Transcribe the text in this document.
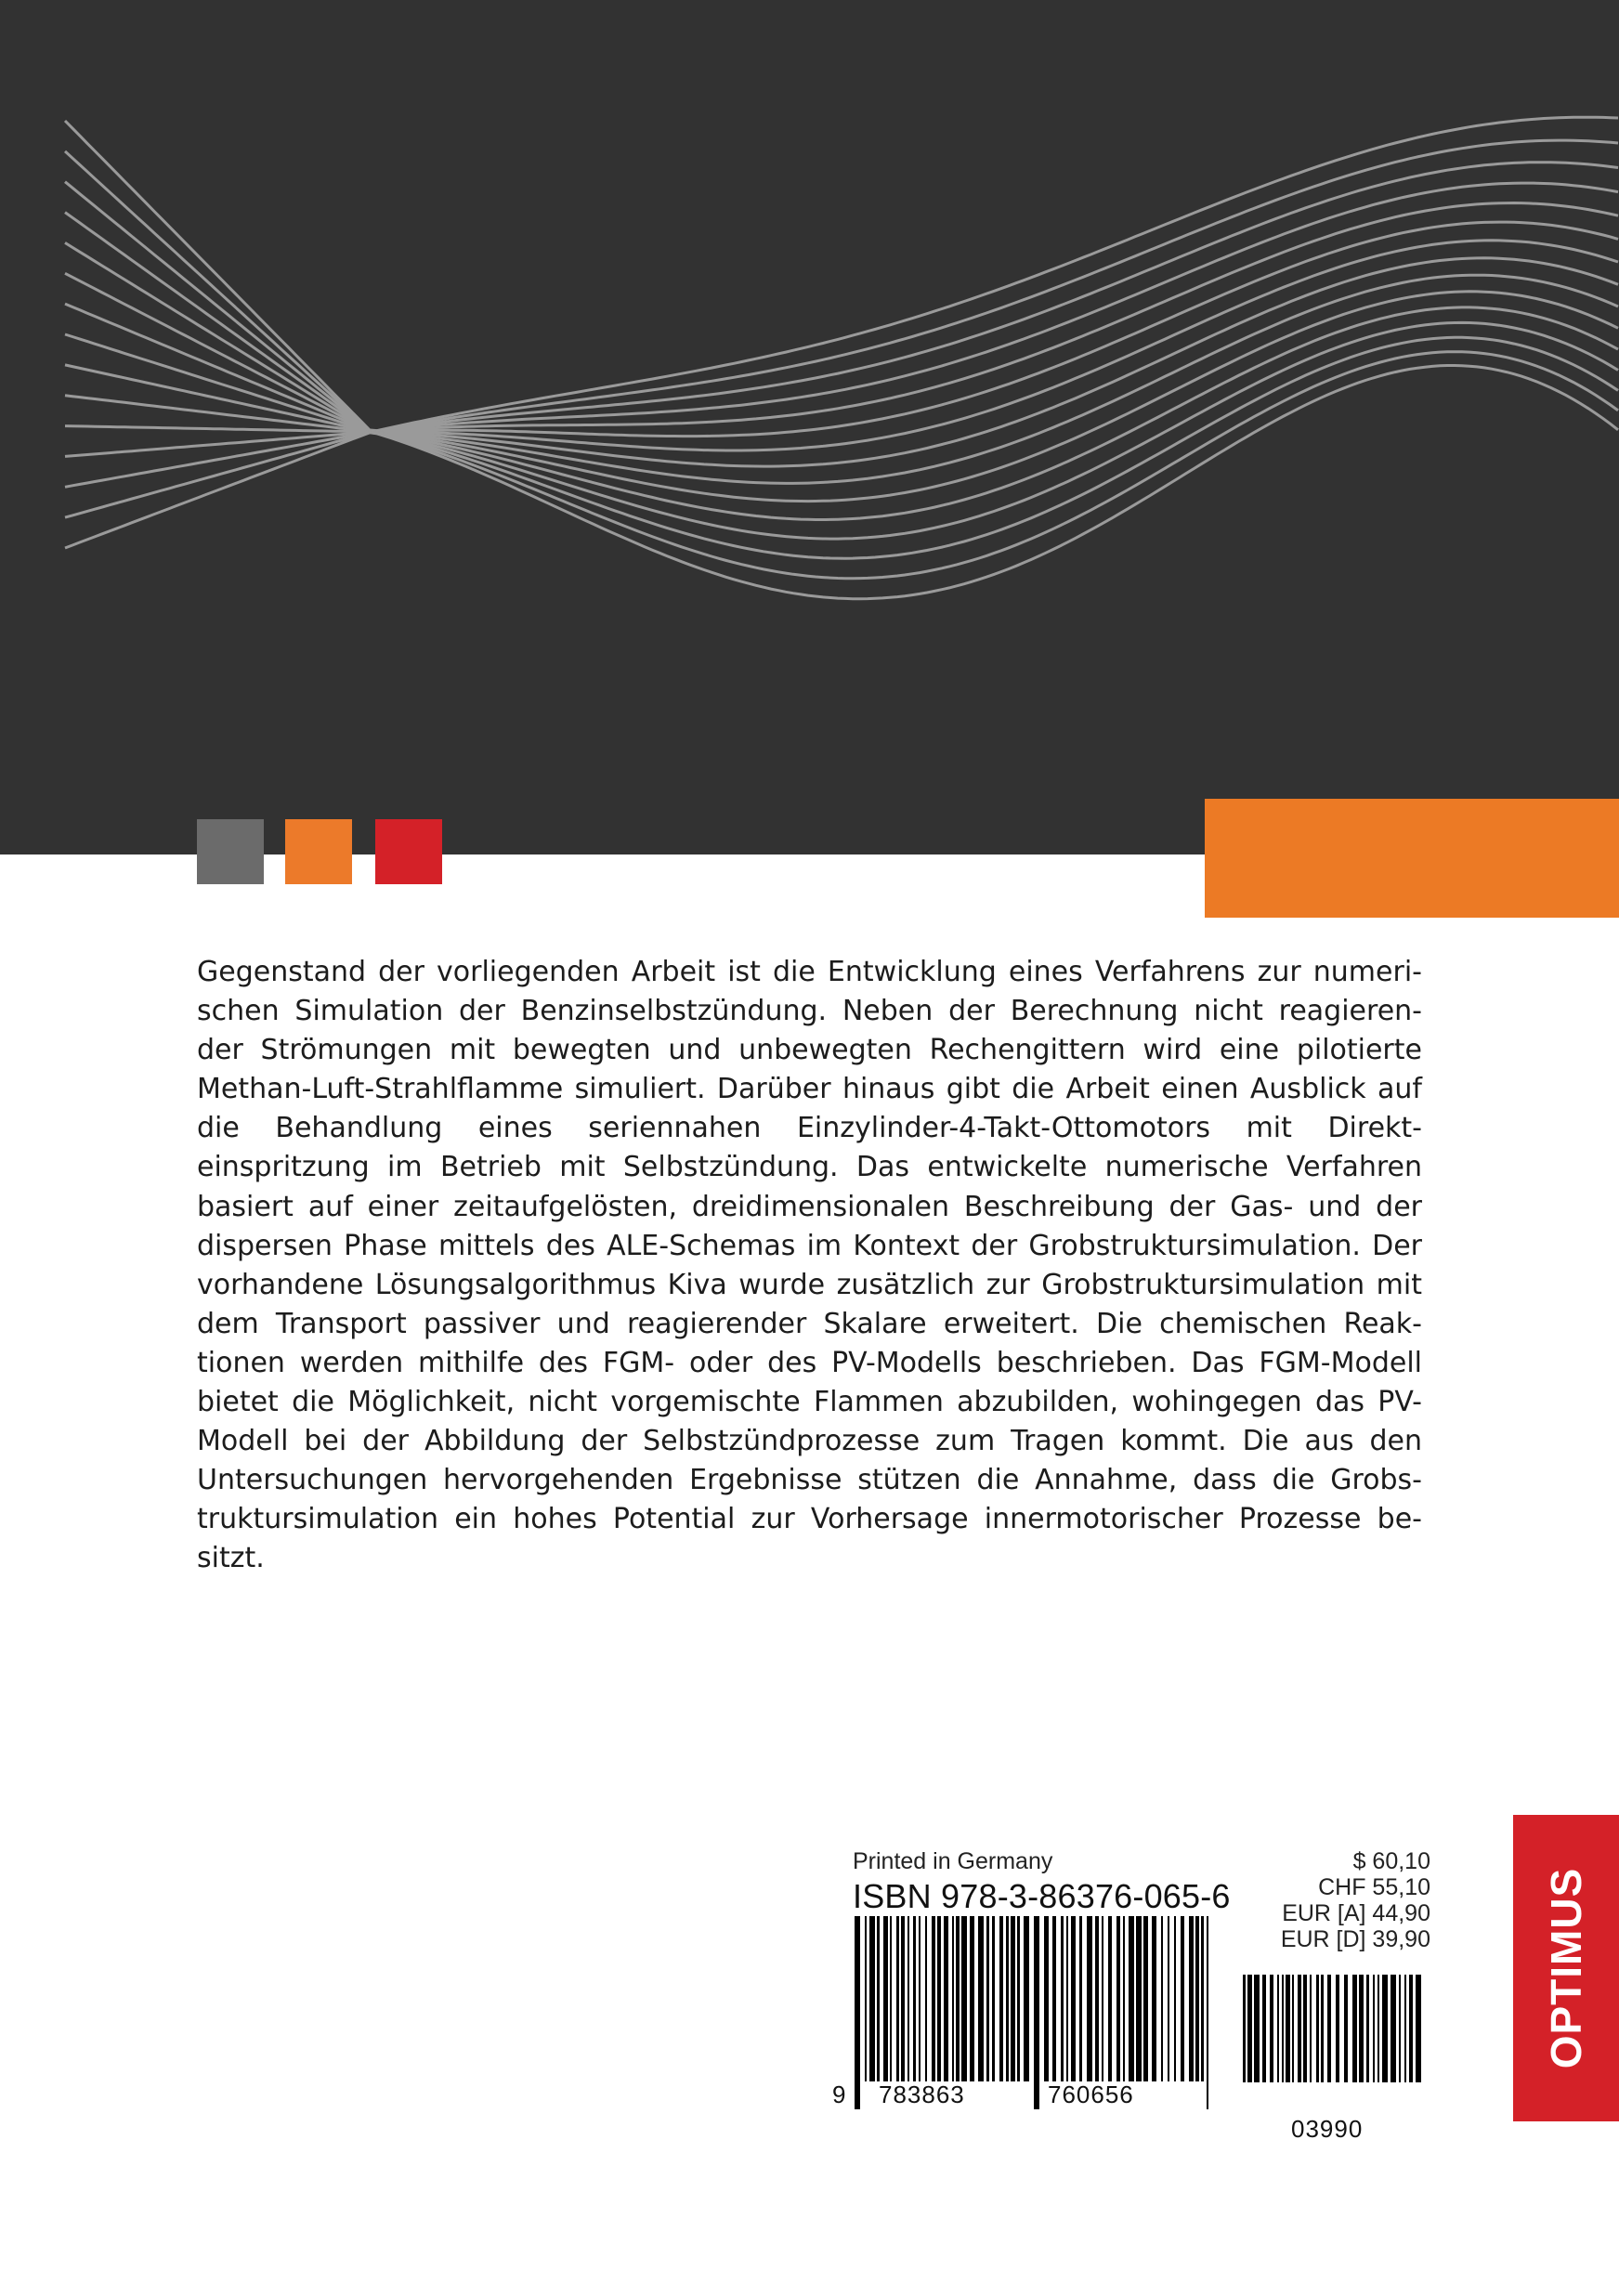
Gegenstand der vorliegenden Arbeit ist die Entwicklung eines Verfahrens zur numeri- schen Simulation der Benzinselbstzündung. Neben der Berechnung nicht reagieren- der Strömungen mit bewegten und unbewegten Rechengittern wird eine pilotierte Methan-Luft-Strahlflamme simuliert. Darüber hinaus gibt die Arbeit einen Ausblick auf die Behandlung eines seriennahen Einzylinder-4-Takt-Ottomotors mit Direkt- einspritzung im Betrieb mit Selbstzündung. Das entwickelte numerische Verfahren basiert auf einer zeitaufgelösten, dreidimensionalen Beschreibung der Gas- und der dispersen Phase mittels des ALE-Schemas im Kontext der Grobstruktursimulation. Der vorhandene Lösungsalgorithmus Kiva wurde zusätzlich zur Grobstruktursimulation mit dem Transport passiver und reagierender Skalare erweitert. Die chemischen Reak- tionen werden mithilfe des FGM- oder des PV-Modells beschrieben. Das FGM-Modell bietet die Möglichkeit, nicht vorgemischte Flammen abzubilden, wohingegen das PV- Modell bei der Abbildung der Selbstzündprozesse zum Tragen kommt. Die aus den Untersuchungen hervorgehenden Ergebnisse stützen die Annahme, dass die Grobs- truktursimulation ein hohes Potential zur Vorhersage innermotorischer Prozesse be- sitzt.

Printed in Germany
ISBN 978-3-86376-065-6
$ 60,10
CHF 55,10
EUR [A] 44,90
EUR [D] 39,90
9 783863	760656
03990
OPTIMUS
